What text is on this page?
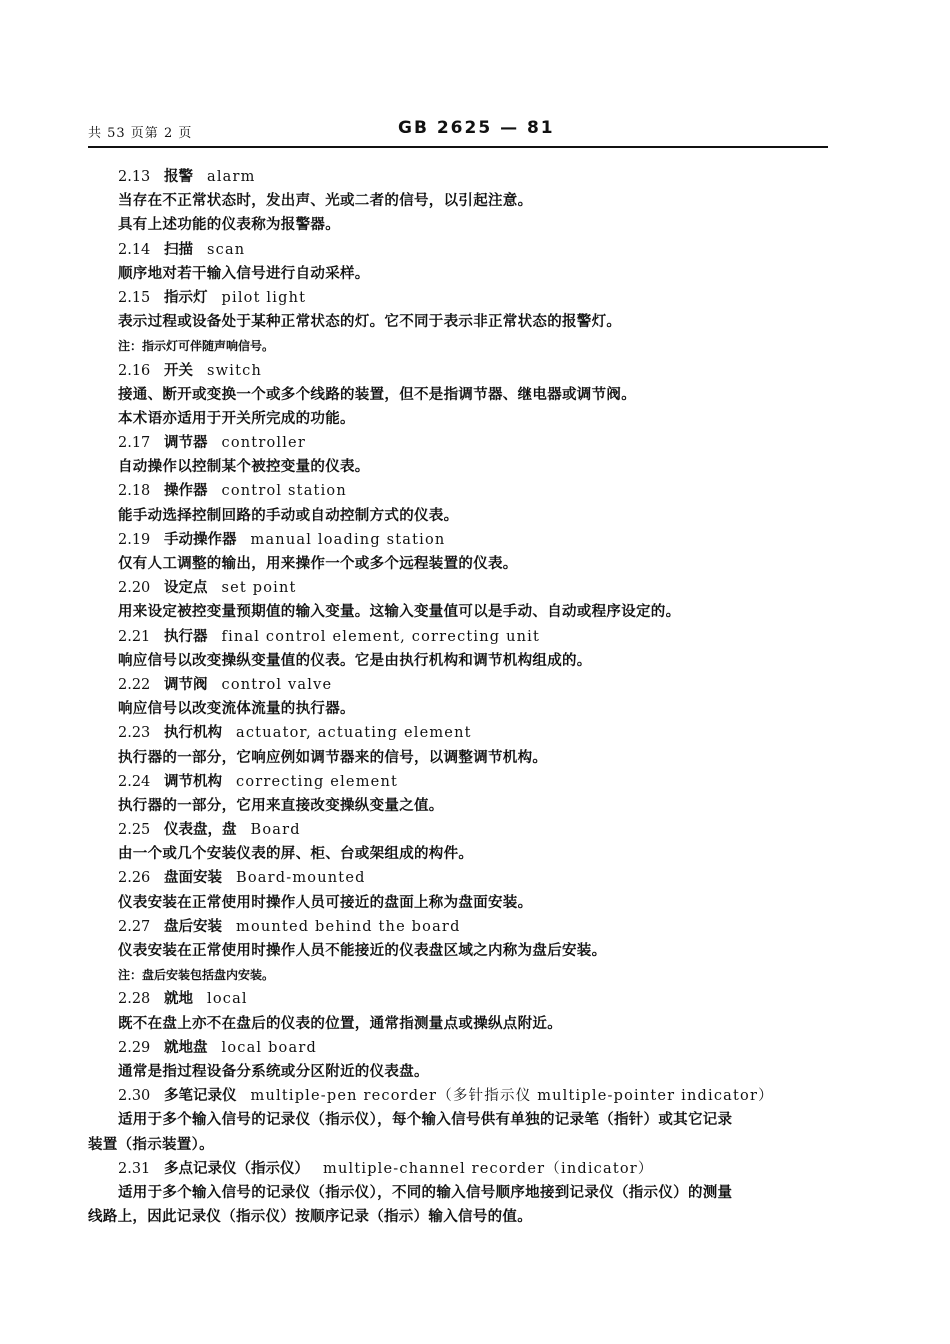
共 53 页第 2 页	GB 2625 — 81
2.13 报警 alarm
当存在不正常状态时，发出声、光或二者的信号，以引起注意。
具有上述功能的仪表称为报警器。
2.14 扫描 scan
顺序地对若干输入信号进行自动采样。
2.15 指示灯 pilot light
表示过程或设备处于某种正常状态的灯。它不同于表示非正常状态的报警灯。
注：指示灯可伴随声响信号。
2.16 开关 switch
接通、断开或变换一个或多个线路的装置，但不是指调节器、继电器或调节阀。
本术语亦适用于开关所完成的功能。
2.17 调节器 controller
自动操作以控制某个被控变量的仪表。
2.18 操作器 control station
能手动选择控制回路的手动或自动控制方式的仪表。
2.19 手动操作器 manual loading station
仅有人工调整的输出，用来操作一个或多个远程装置的仪表。
2.20 设定点 set point
用来设定被控变量预期值的输入变量。这输入变量值可以是手动、自动或程序设定的。
2.21 执行器 final control element, correcting unit
响应信号以改变操纵变量值的仪表。它是由执行机构和调节机构组成的。
2.22 调节阀 control valve
响应信号以改变流体流量的执行器。
2.23 执行机构 actuator, actuating element
执行器的一部分，它响应例如调节器来的信号，以调整调节机构。
2.24 调节机构 correcting element
执行器的一部分，它用来直接改变操纵变量之值。
2.25 仪表盘，盘 Board
由一个或几个安装仪表的屏、柜、台或架组成的构件。
2.26 盘面安装 Board-mounted
仪表安装在正常使用时操作人员可接近的盘面上称为盘面安装。
2.27 盘后安装 mounted behind the board
仪表安装在正常使用时操作人员不能接近的仪表盘区域之内称为盘后安装。
注：盘后安装包括盘内安装。
2.28 就地 local
既不在盘上亦不在盘后的仪表的位置，通常指测量点或操纵点附近。
2.29 就地盘 local board
通常是指过程设备分系统或分区附近的仪表盘。
2.30 多笔记录仪 multiple-pen recorder（多针指示仪 multiple-pointer indicator）
适用于多个输入信号的记录仪（指示仪），每个输入信号供有单独的记录笔（指针）或其它记录
装置（指示装置）。
2.31 多点记录仪（指示仪） multiple-channel recorder（indicator）
适用于多个输入信号的记录仪（指示仪），不同的输入信号顺序地接到记录仪（指示仪）的测量
线路上，因此记录仪（指示仪）按顺序记录（指示）输入信号的值。
